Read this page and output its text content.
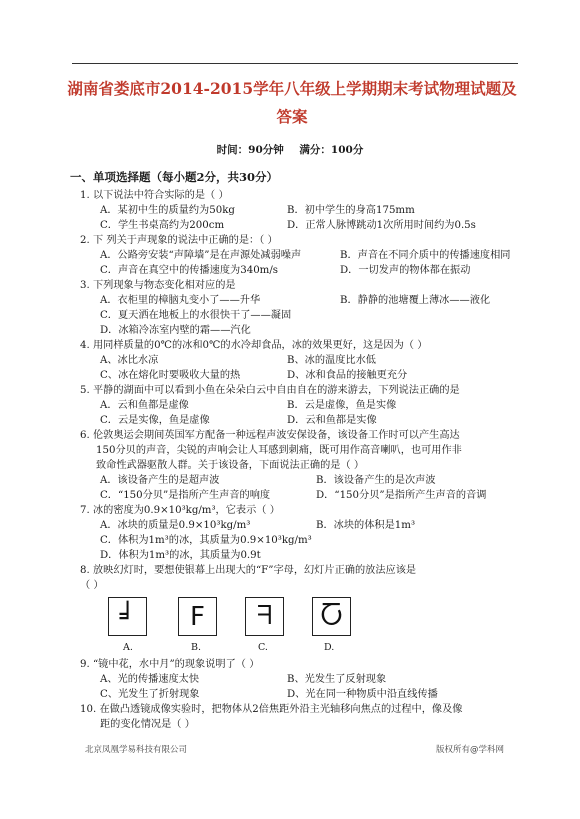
湖南省娄底市2014-2015学年八年级上学期期末考试物理试题及
答案
时间：90分钟 满分：100分
一、单项选择题（每小题2分，共30分）
1. 以下说法中符合实际的是（ ）
A．某初中生的质量约为50kg	B．初中学生的身高175mm
C．学生书桌高约为200cm	D．正常人脉博跳动1次所用时间约为0.5s
2. 下 列关于声现象的说法中正确的是：（ ）
A．公路旁安装“声障墙”是在声源处减弱噪声	B．声音在不同介质中的传播速度相同
C．声音在真空中的传播速度为340m/s	D．一切发声的物体都在振动
3. 下列现象与物态变化相对应的是
A．衣柜里的樟脑丸变小了——升华	B．静静的池塘覆上薄冰——液化
C．夏天洒在地板上的水很快干了——凝固
D．冰箱冷冻室内壁的霜——汽化
4. 用同样质量的0℃的冰和0℃的水冷却食品，冰的效果更好，这是因为（ ）
A、冰比水凉	B、冰的温度比水低
C、冰在熔化时要吸收大量的热	D、冰和食品的接触更充分
5. 平静的湖面中可以看到小鱼在朵朵白云中自由自在的游来游去，下列说法正确的是
A．云和鱼都是虚像	B．云是虚像，鱼是实像
C．云是实像，鱼是虚像	D．云和鱼都是实像
6. 伦敦奥运会期间英国军方配备一种远程声波安保设备，该设备工作时可以产生高达
150分贝的声音，尖锐的声响会让人耳感到刺痛，既可用作高音喇叭，也可用作非
致命性武器驱散人群。关于该设备，下面说法正确的是（ ）
A．该设备产生的是超声波	B．该设备产生的是次声波
C．“150分贝”是指所产生声音的响度	D．“150分贝”是指所产生声音的音调
7. 冰的密度为0.9×10³kg/m³，它表示（ ）
A．冰块的质量是0.9×10³kg/m³	B．冰块的体积是1m³
C．体积为1m³的冰，其质量为0.9×10³kg/m³
D．体积为1m³的冰，其质量为0.9t
8. 放映幻灯时，要想使银幕上出现大的“F”字母，幻灯片正确的放法应该是
（ ）
╛	F	ᖷ	Ⴀ
A.	B.	C.	D.
9. “镜中花，水中月”的现象说明了（ ）
A、光的传播速度太快	B、光发生了反射现象
C、光发生了折射现象	D、光在同一种物质中沿直线传播
10. 在做凸透镜成像实验时，把物体从2倍焦距外沿主光轴移向焦点的过程中，像及像
距的变化情况是（ ）
北京凤凰学易科技有限公司	版权所有@学科网
